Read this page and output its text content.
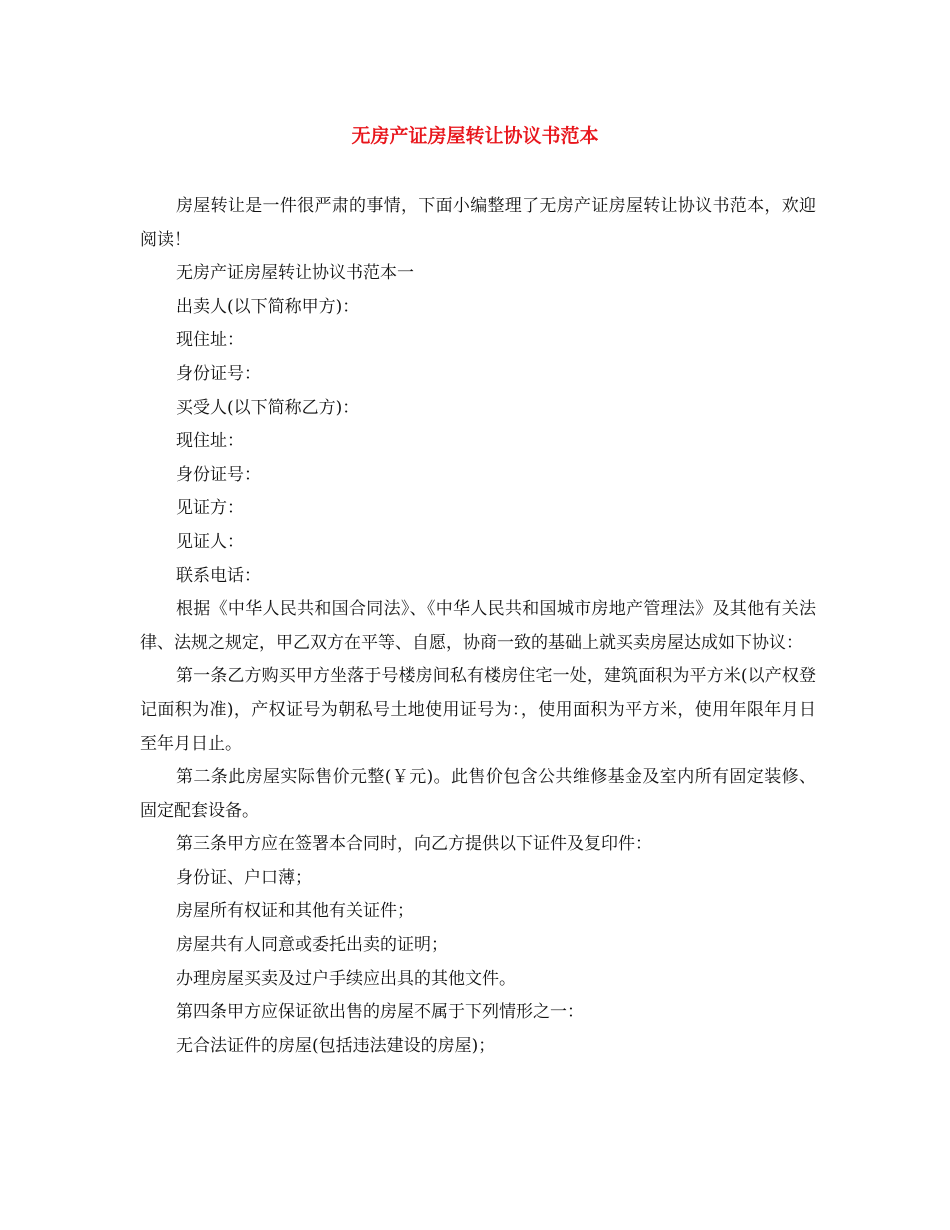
无房产证房屋转让协议书范本

房屋转让是一件很严肃的事情，下面小编整理了无房产证房屋转让协议书范本，欢迎阅读！

无房产证房屋转让协议书范本一

出卖人(以下简称甲方)：

现住址：

身份证号：

买受人(以下简称乙方)：

现住址：

身份证号：

见证方：

见证人：

联系电话：

根据《中华人民共和国合同法》、《中华人民共和国城市房地产管理法》及其他有关法律、法规之规定，甲乙双方在平等、自愿，协商一致的基础上就买卖房屋达成如下协议：

第一条乙方购买甲方坐落于号楼房间私有楼房住宅一处，建筑面积为平方米(以产权登记面积为准)，产权证号为朝私号土地使用证号为：，使用面积为平方米，使用年限年月日至年月日止。

第二条此房屋实际售价元整(￥元)。此售价包含公共维修基金及室内所有固定装修、固定配套设备。

第三条甲方应在签署本合同时，向乙方提供以下证件及复印件：

身份证、户口薄；

房屋所有权证和其他有关证件；

房屋共有人同意或委托出卖的证明；

办理房屋买卖及过户手续应出具的其他文件。

第四条甲方应保证欲出售的房屋不属于下列情形之一：

无合法证件的房屋(包括违法建设的房屋)；
